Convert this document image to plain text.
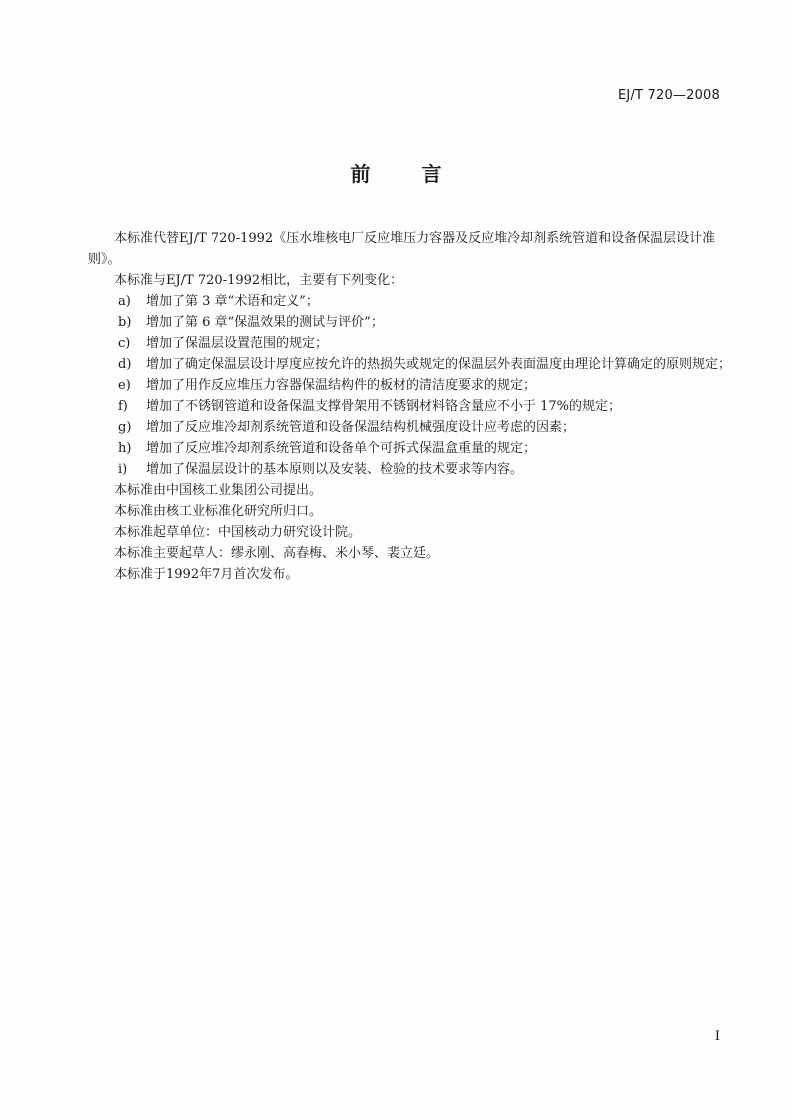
EJ/T 720—2008
前 言

本标准代替EJ/T 720-1992《压水堆核电厂反应堆压力容器及反应堆冷却剂系统管道和设备保温层设计准则》。

本标准与EJ/T 720-1992相比，主要有下列变化：

a)	增加了第 3 章“术语和定义”；
b)	增加了第 6 章“保温效果的测试与评价”；
c)	增加了保温层设置范围的规定；
d)	增加了确定保温层设计厚度应按允许的热损失或规定的保温层外表面温度由理论计算确定的原则规定；
e)	增加了用作反应堆压力容器保温结构件的板材的清洁度要求的规定；
f)	增加了不锈钢管道和设备保温支撑骨架用不锈钢材料铬含量应不小于 17%的规定；
g)	增加了反应堆冷却剂系统管道和设备保温结构机械强度设计应考虑的因素；
h)	增加了反应堆冷却剂系统管道和设备单个可拆式保温盒重量的规定；
i)	增加了保温层设计的基本原则以及安装、检验的技术要求等内容。

本标准由中国核工业集团公司提出。

本标准由核工业标准化研究所归口。

本标准起草单位：中国核动力研究设计院。

本标准主要起草人：缪永刚、高春梅、米小琴、裴立廷。

本标准于1992年7月首次发布。

I
